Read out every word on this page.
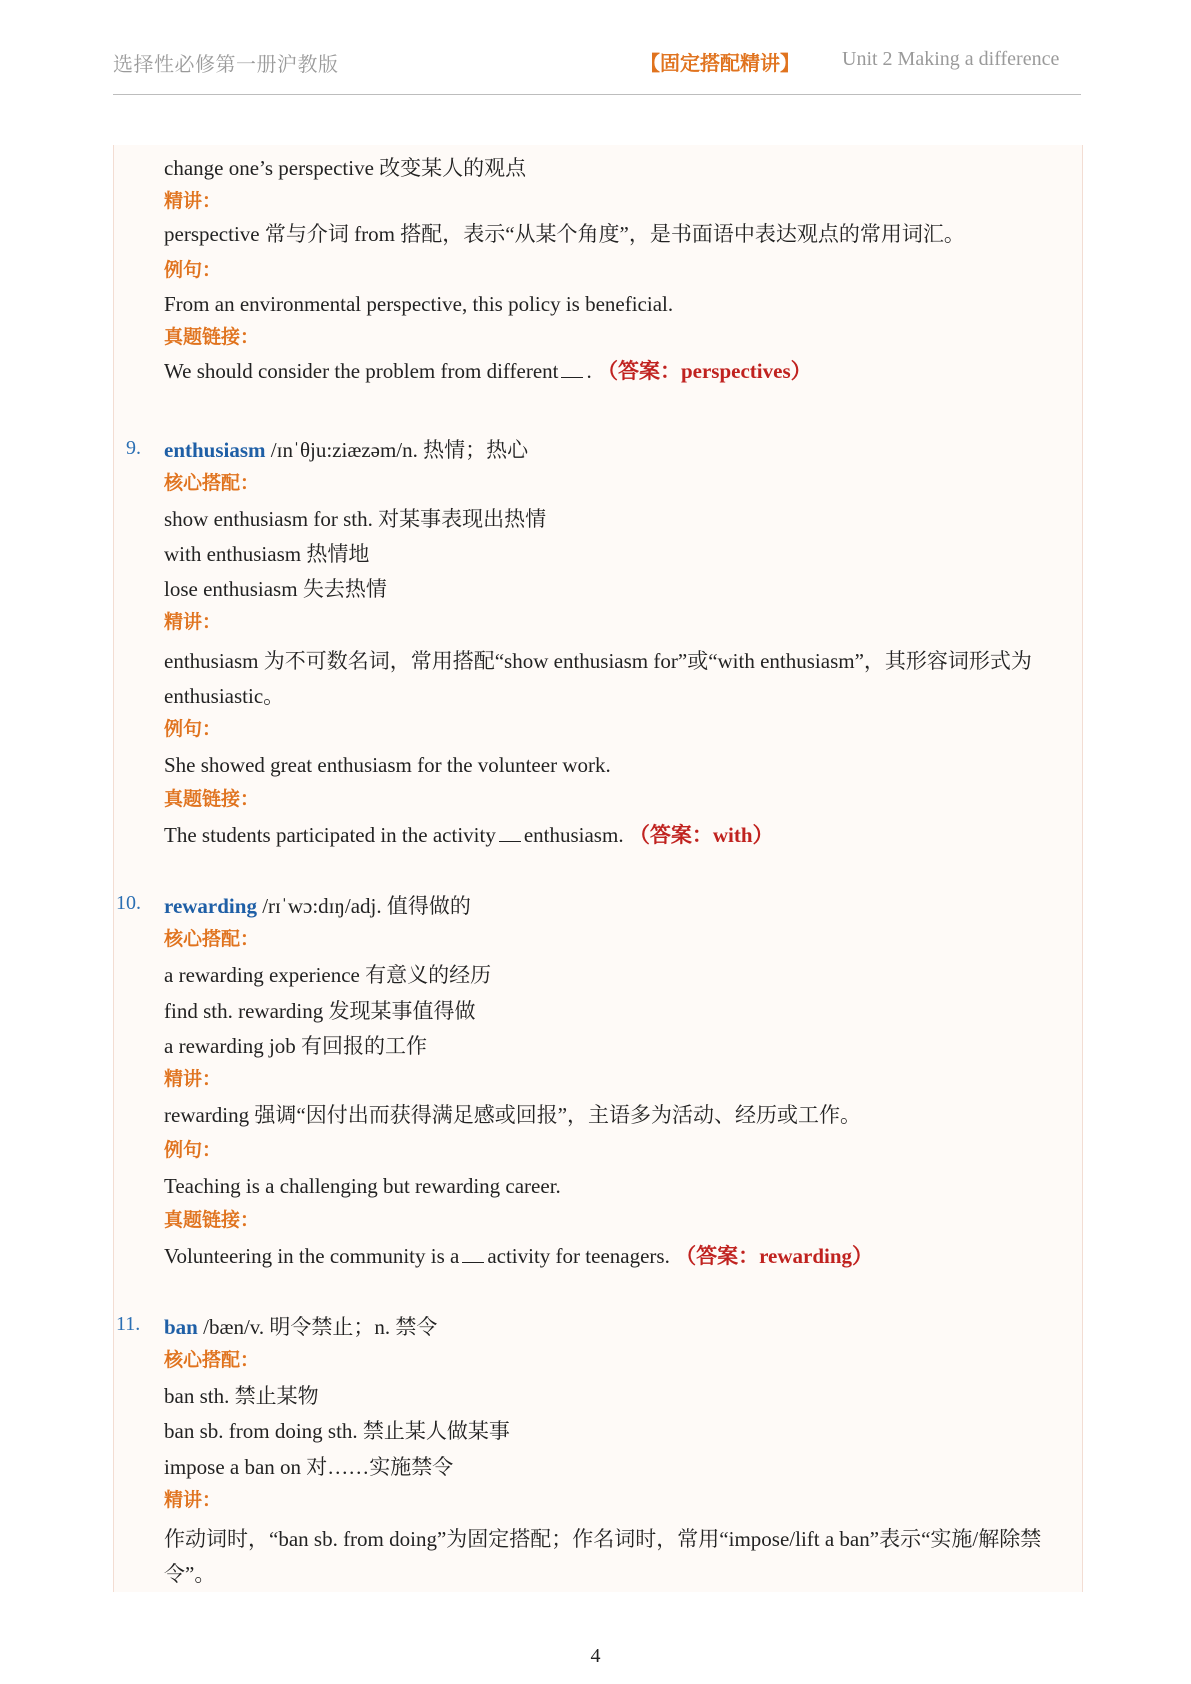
选择性必修第一册沪教版	【固定搭配精讲】 Unit 2 Making a difference
change one’s perspective 改变某人的观点
精讲：
perspective 常与介词 from 搭配，表示“从某个角度”，是书面语中表达观点的常用词汇。
例句：
From an environmental perspective, this policy is beneficial.
真题链接：
We should consider the problem from different . （答案：perspectives）
9. enthusiasm /ɪnˈθju:ziæzəm/n. 热情；热心
核心搭配：
show enthusiasm for sth. 对某事表现出热情
with enthusiasm 热情地
lose enthusiasm 失去热情
精讲：
enthusiasm 为不可数名词，常用搭配“show enthusiasm for”或“with enthusiasm”，其形容词形式为 enthusiastic。
例句：
She showed great enthusiasm for the volunteer work.
真题链接：
The students participated in the activity enthusiasm. （答案：with）
10. rewarding /rɪˈwɔ:dɪŋ/adj. 值得做的
核心搭配：
a rewarding experience 有意义的经历
find sth. rewarding 发现某事值得做
a rewarding job 有回报的工作
精讲：
rewarding 强调“因付出而获得满足感或回报”，主语多为活动、经历或工作。
例句：
Teaching is a challenging but rewarding career.
真题链接：
Volunteering in the community is a activity for teenagers. （答案：rewarding）
11. ban /bæn/v. 明令禁止；n. 禁令
核心搭配：
ban sth. 禁止某物
ban sb. from doing sth. 禁止某人做某事
impose a ban on 对……实施禁令
精讲：
作动词时，“ban sb. from doing”为固定搭配；作名词时，常用“impose/lift a ban”表示“实施/解除禁令”。
4
